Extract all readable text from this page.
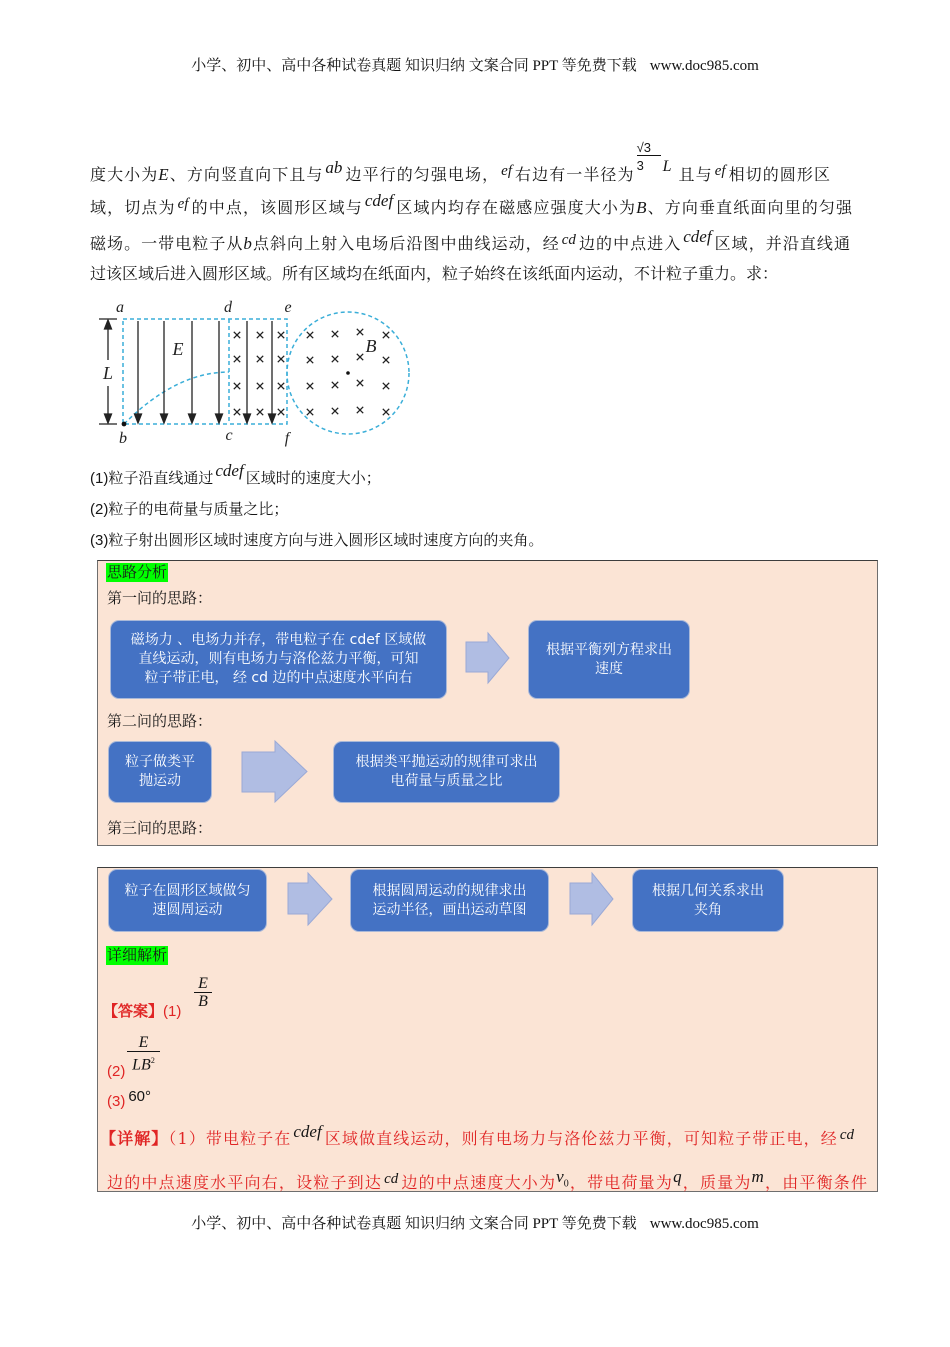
小学、初中、高中各种试卷真题 知识归纳 文案合同 PPT 等免费下载 www.doc985.com
度大小为E、方向竖直向下且与 ab 边平行的匀强电场， ef 右边有一半径为 $\frac{√3}{3}$ L 且与 ef 相切的圆形区
域，切点为 ef 的中点，该圆形区域与 cdef 区域内均存在磁感应强度大小为B、方向垂直纸面向里的匀强
磁场。一带电粒子从b点斜向上射入电场后沿图中曲线运动，经 cd 边的中点进入 cdef 区域，并沿直线通
过该区域后进入圆形区域。所有区域均在纸面内，粒子始终在该纸面内运动，不计粒子重力。求：
a	d	e
b	c	f
E	B
L
(1)粒子沿直线通过 cdef 区域时的速度大小；
(2)粒子的电荷量与质量之比；
(3)粒子射出圆形区域时速度方向与进入圆形区域时速度方向的夹角。
思路分析
第一问的思路：
磁场力 、电场力并存，带电粒子在 cdef 区域做
直线运动，则有电场力与洛伦兹力平衡，可知
粒子带正电， 经 cd 边的中点速度水平向右
根据平衡列方程求出
速度
第二问的思路：
粒子做类平
抛运动
根据类平抛运动的规律可求出
电荷量与质量之比
第三问的思路：
粒子在圆形区域做匀
速圆周运动
根据圆周运动的规律求出
运动半径，画出运动草图
根据几何关系求出
夹角
详细解析
【答案】(1)
$\frac{E}{B}$
$(2) \frac{E}{LB^2}$
(3) 60°
【详解】（1）带电粒子在 cdef 区域做直线运动，则有电场力与洛伦兹力平衡，可知粒子带正电，经 cd
边的中点速度水平向右，设粒子到达 cd 边的中点速度大小为$v_0$，带电荷量为q，质量为m，由平衡条件
小学、初中、高中各种试卷真题 知识归纳 文案合同 PPT 等免费下载 www.doc985.com
